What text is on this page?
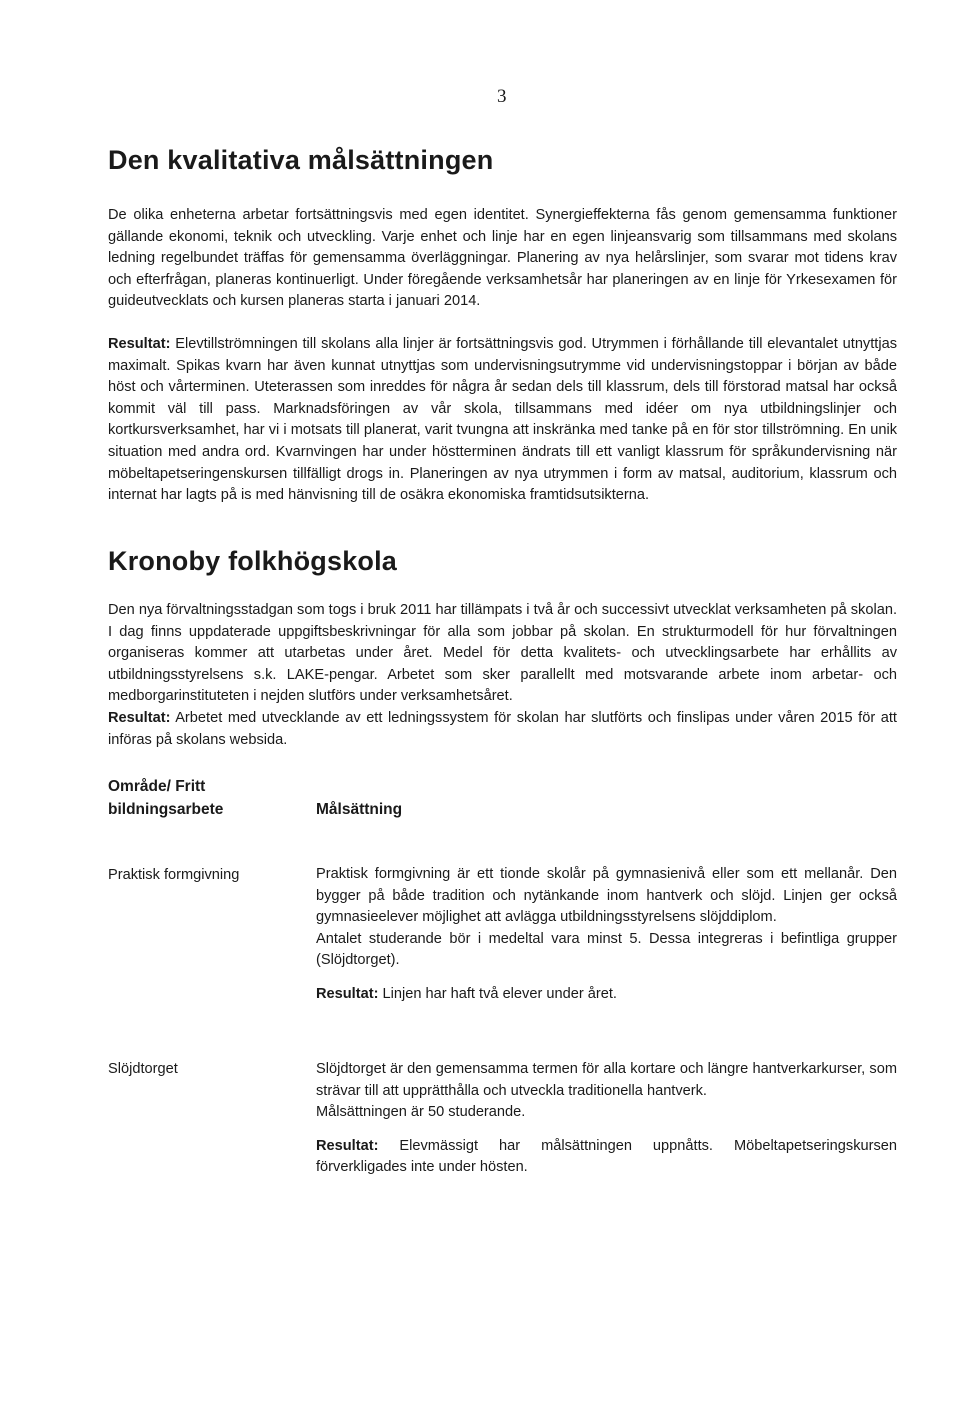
3
Den kvalitativa målsättningen

De olika enheterna arbetar fortsättningsvis med egen identitet. Synergieffekterna fås genom gemensamma funktioner gällande ekonomi, teknik och utveckling. Varje enhet och linje har en egen linjeansvarig som tillsammans med skolans ledning regelbundet träffas för gemensamma överläggningar. Planering av nya helårslinjer, som svarar mot tidens krav och efterfrågan, planeras kontinuerligt. Under föregående verksamhetsår har planeringen av en linje för Yrkesexamen för guideutvecklats och kursen planeras starta i januari 2014.

Resultat: Elevtillströmningen till skolans alla linjer är fortsättningsvis god. Utrymmen i förhållande till elevantalet utnyttjas maximalt. Spikas kvarn har även kunnat utnyttjas som undervisningsutrymme vid undervisningstoppar i början av både höst och vårterminen. Uteterassen som inreddes för några år sedan dels till klassrum, dels till förstorad matsal har också kommit väl till pass. Marknadsföringen av vår skola, tillsammans med idéer om nya utbildningslinjer och kortkursverksamhet, har vi i motsats till planerat, varit tvungna att inskränka med tanke på en för stor tillströmning. En unik situation med andra ord. Kvarnvingen har under höstterminen ändrats till ett vanligt klassrum för språkundervisning när möbeltapetseringenskursen tillfälligt drogs in. Planeringen av nya utrymmen i form av matsal, auditorium, klassrum och internat har lagts på is med hänvisning till de osäkra ekonomiska framtidsutsikterna.

Kronoby folkhögskola

Den nya förvaltningsstadgan som togs i bruk 2011 har tillämpats i två år och successivt utvecklat verksamheten på skolan. I dag finns uppdaterade uppgiftsbeskrivningar för alla som jobbar på skolan. En strukturmodell för hur förvaltningen organiseras kommer att utarbetas under året. Medel för detta kvalitets- och utvecklingsarbete har erhållits av utbildningsstyrelsens s.k. LAKE-pengar. Arbetet som sker parallellt med motsvarande arbete inom arbetar- och medborgarinstituteten i nejden slutförs under verksamhetsåret.

Resultat: Arbetet med utvecklande av ett ledningssystem för skolan har slutförts och finslipas under våren 2015 för att införas på skolans websida.

Område/ Fritt bildningsarbete	Målsättning
Praktisk formgivning	Praktisk formgivning är ett tionde skolår på gymnasienivå eller som ett mellanår. Den bygger på både tradition och nytänkande inom hantverk och slöjd. Linjen ger också gymnasieelever möjlighet att avlägga utbildningsstyrelsens slöjddiplom.

Antalet studerande bör i medeltal vara minst 5. Dessa integreras i befintliga grupper (Slöjdtorget).

Resultat: Linjen har haft två elever under året.

Slöjdtorget	Slöjdtorget är den gemensamma termen för alla kortare och längre hantverkarkurser, som strävar till att upprätthålla och utveckla traditionella hantverk.

Målsättningen är 50 studerande.

Resultat: Elevmässigt har målsättningen uppnåtts. Möbeltapetseringskursen förverkligades inte under hösten.
